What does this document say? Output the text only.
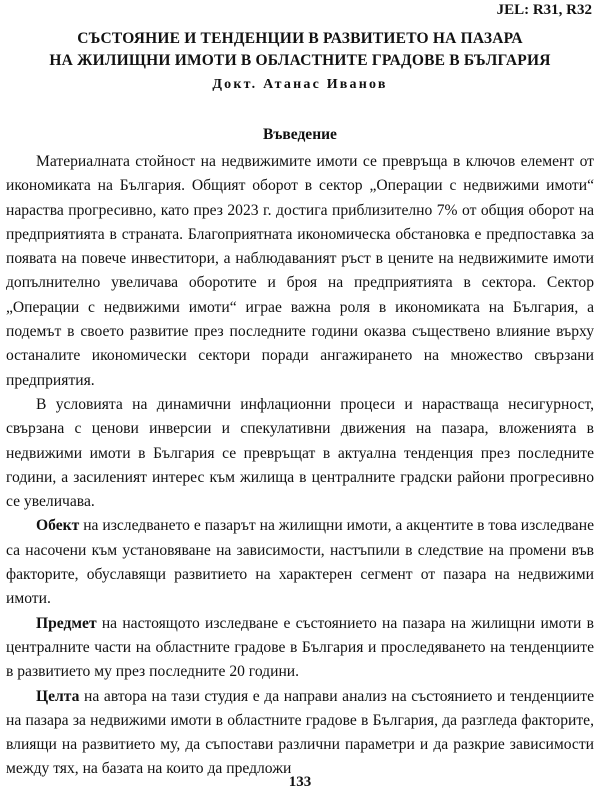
JEL: R31, R32
СЪСТОЯНИЕ И ТЕНДЕНЦИИ В РАЗВИТИЕТО НА ПАЗАРА
НА ЖИЛИЩНИ ИМОТИ В ОБЛАСТНИТЕ ГРАДОВЕ В БЪЛГАРИЯ
Докт. Атанас Иванов
Въведение

Материалната стойност на недвижимите имоти се превръща в ключов елемент от икономиката на България. Общият оборот в сектор „Операции с недвижими имоти“ нараства прогресивно, като през 2023 г. достига приблизително 7% от общия оборот на предприятията в страната. Благоприятната икономическа обстановка е предпоставка за появата на повече инвеститори, а наблюдаваният ръст в цените на недвижимите имоти допълнително увеличава оборотите и броя на предприятията в сектора. Сектор „Операции с недвижими имоти“ играе важна роля в икономиката на България, а подемът в своето развитие през последните години оказва съществено влияние върху останалите икономически сектори поради ангажирането на множество свързани предприятия.

В условията на динамични инфлационни процеси и нарастваща несигурност, свързана с ценови инверсии и спекулативни движения на пазара, вложенията в недвижими имоти в България се превръщат в актуална тенденция през последните години, а засиленият интерес към жилища в централните градски райони прогресивно се увеличава.

Обект на изследването е пазарът на жилищни имоти, а акцентите в това изследване са насочени към установяване на зависимости, настъпили в следствие на промени във факторите, обуславящи развитието на характерен сегмент от пазара на недвижими имоти.

Предмет на настоящото изследване е състоянието на пазара на жилищни имоти в централните части на областните градове в България и проследяването на тенденциите в развитието му през последните 20 години.

Целта на автора на тази студия е да направи анализ на състоянието и тенденциите на пазара за недвижими имоти в областните градове в България, да разгледа факторите, влиящи на развитието му, да съпостави различни параметри и да разкрие зависимости между тях, на базата на които да предложи

133
